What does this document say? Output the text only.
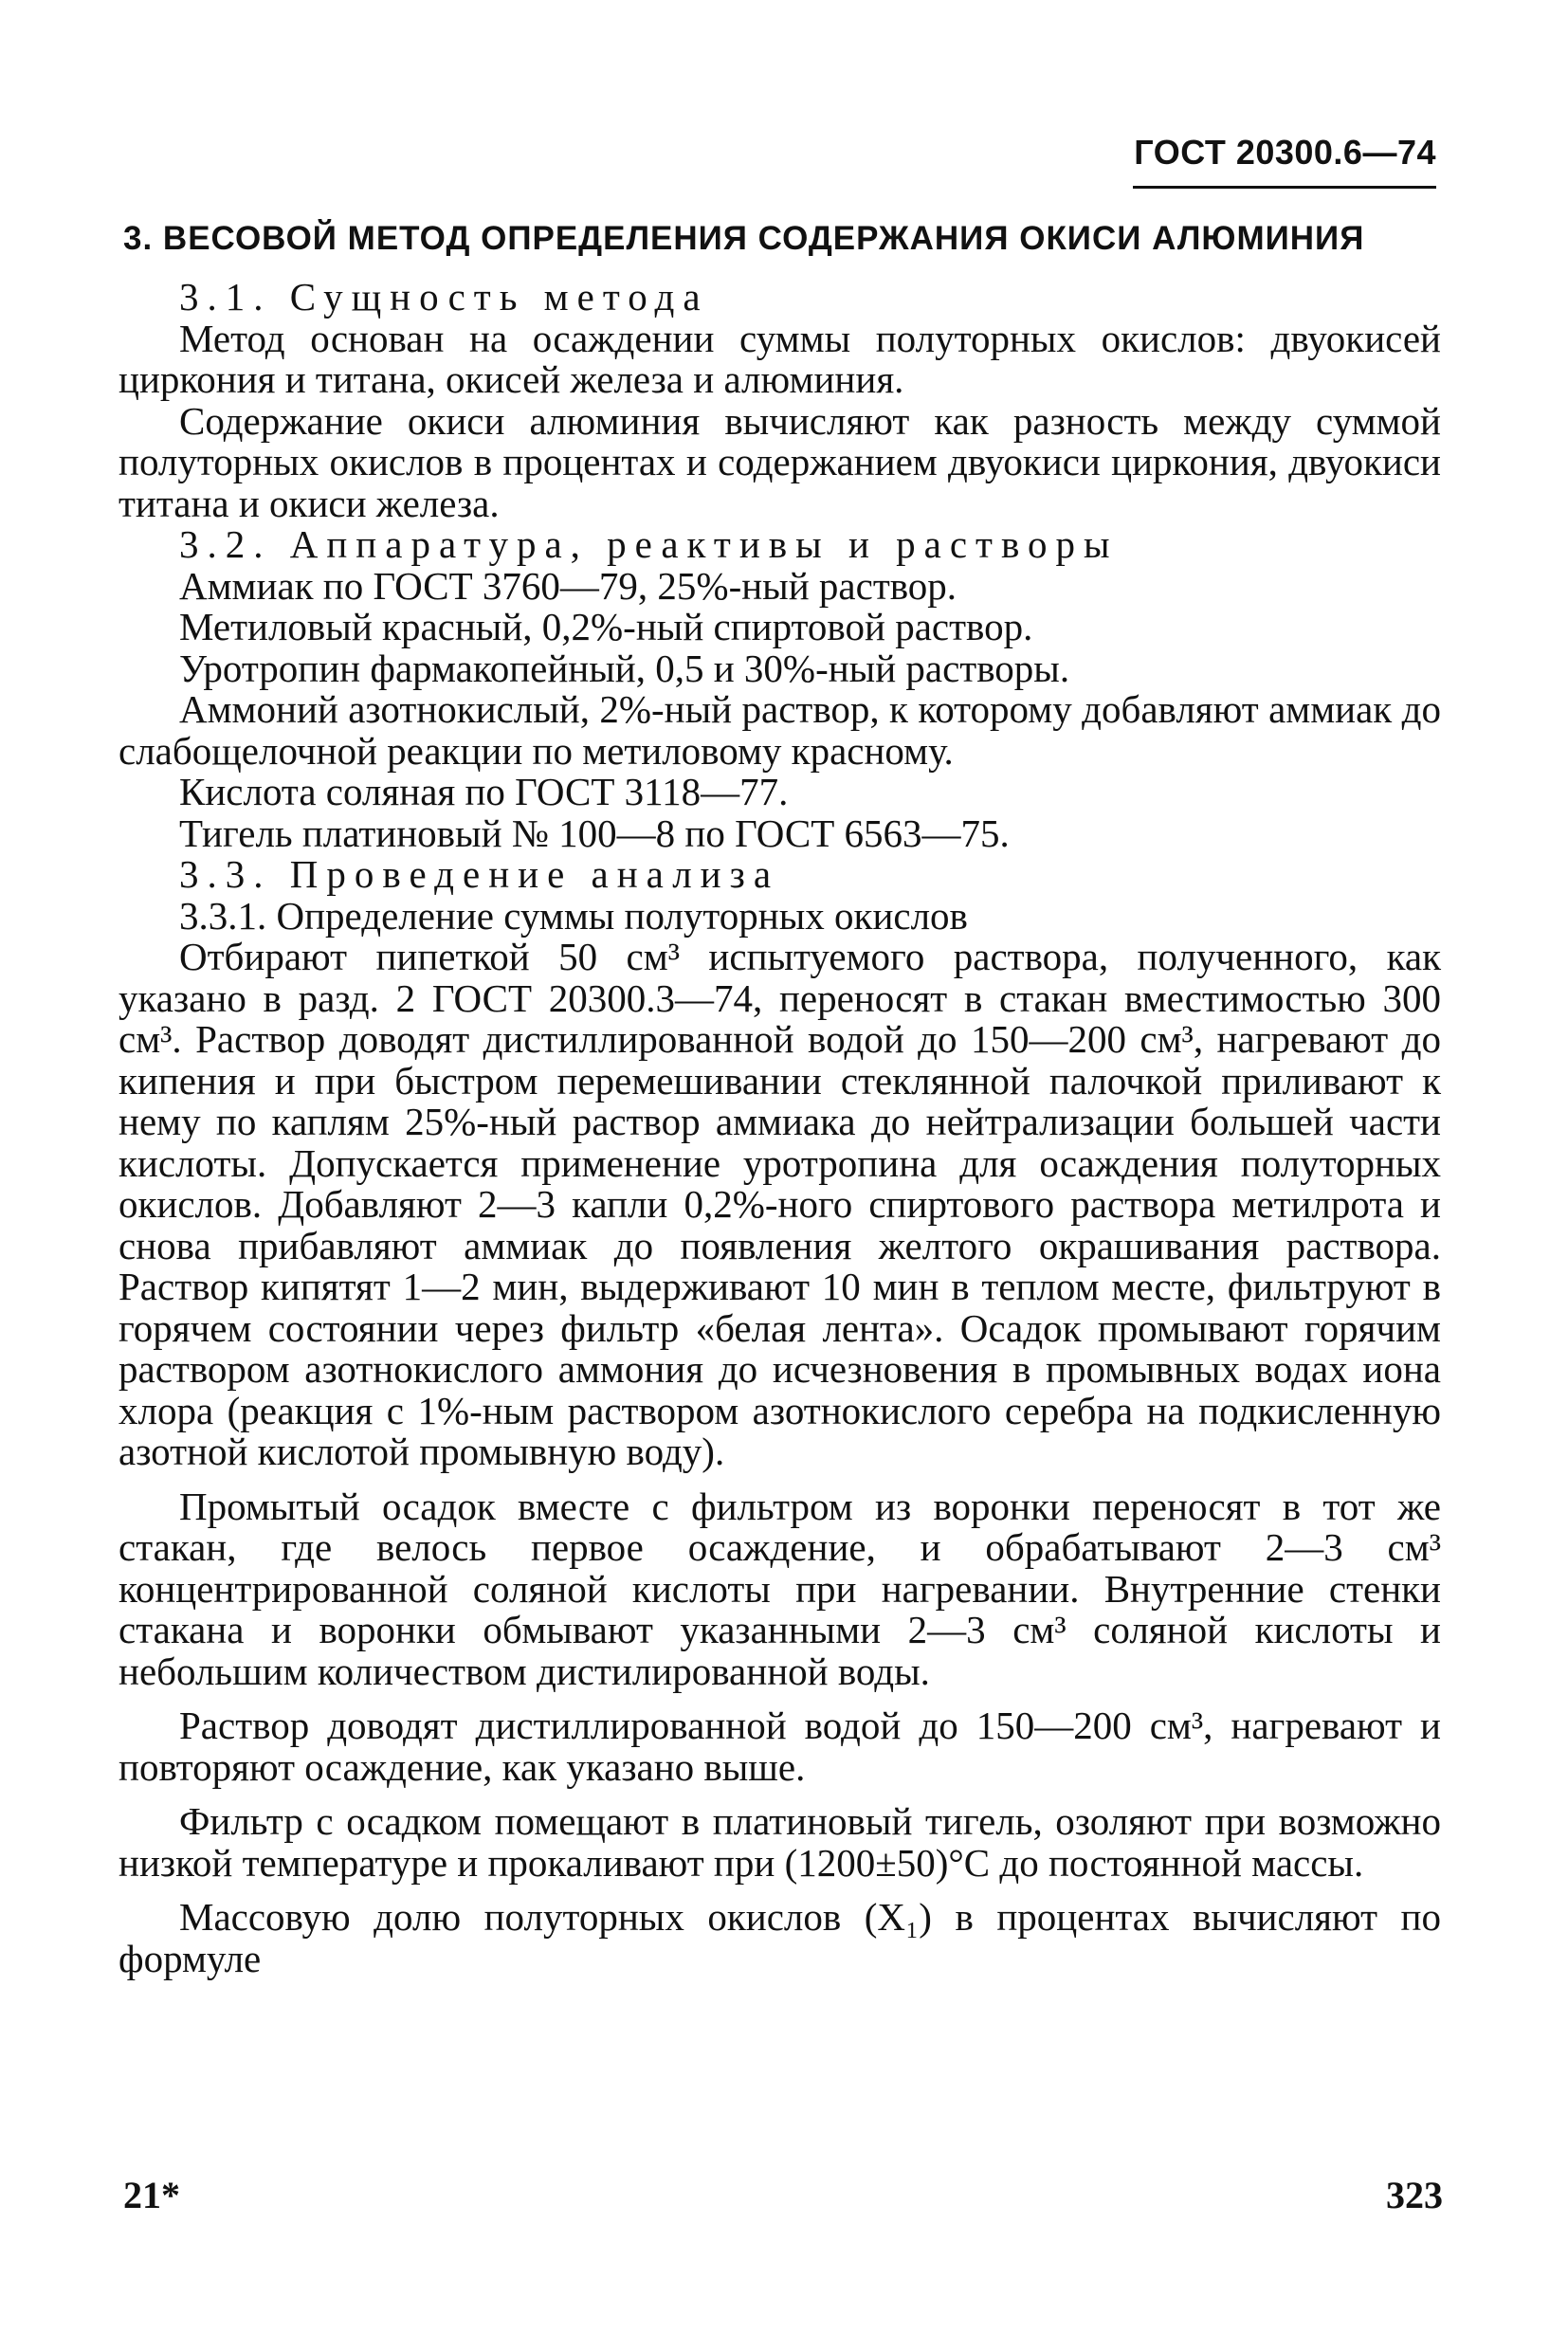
ГОСТ 20300.6—74
3. ВЕСОВОЙ МЕТОД ОПРЕДЕЛЕНИЯ СОДЕРЖАНИЯ ОКИСИ АЛЮМИНИЯ

3.1. Сущность метода

Метод основан на осаждении суммы полуторных окислов: двуокисей циркония и титана, окисей железа и алюминия.

Содержание окиси алюминия вычисляют как разность между суммой полуторных окислов в процентах и содержанием двуокиси циркония, двуокиси титана и окиси железа.

3.2. Аппаратура, реактивы и растворы

Аммиак по ГОСТ 3760—79, 25%-ный раствор.

Метиловый красный, 0,2%-ный спиртовой раствор.

Уротропин фармакопейный, 0,5 и 30%-ный растворы.

Аммоний азотнокислый, 2%-ный раствор, к которому добавляют аммиак до слабощелочной реакции по метиловому красному.

Кислота соляная по ГОСТ 3118—77.

Тигель платиновый № 100—8 по ГОСТ 6563—75.

3.3. Проведение анализа

3.3.1. Определение суммы полуторных окислов

Отбирают пипеткой 50 см³ испытуемого раствора, полученного, как указано в разд. 2 ГОСТ 20300.3—74, переносят в стакан вместимостью 300 см³. Раствор доводят дистиллированной водой до 150—200 см³, нагревают до кипения и при быстром перемешивании стеклянной палочкой приливают к нему по каплям 25%-ный раствор аммиака до нейтрализации большей части кислоты. Допускается применение уротропина для осаждения полуторных окислов. Добавляют 2—3 капли 0,2%-ного спиртового раствора метилрота и снова прибавляют аммиак до появления желтого окрашивания раствора. Раствор кипятят 1—2 мин, выдерживают 10 мин в теплом месте, фильтруют в горячем состоянии через фильтр «белая лента». Осадок промывают горячим раствором азотнокислого аммония до исчезновения в промывных водах иона хлора (реакция с 1%-ным раствором азотнокислого серебра на подкисленную азотной кислотой промывную воду).

Промытый осадок вместе с фильтром из воронки переносят в тот же стакан, где велось первое осаждение, и обрабатывают 2—3 см³ концентрированной соляной кислоты при нагревании. Внутренние стенки стакана и воронки обмывают указанными 2—3 см³ соляной кислоты и небольшим количеством дистилированной воды.

Раствор доводят дистиллированной водой до 150—200 см³, нагревают и повторяют осаждение, как указано выше.

Фильтр с осадком помещают в платиновый тигель, озоляют при возможно низкой температуре и прокаливают при (1200±50)°С до постоянной массы.

Массовую долю полуторных окислов (X₁) в процентах вычисляют по формуле

21*	323
